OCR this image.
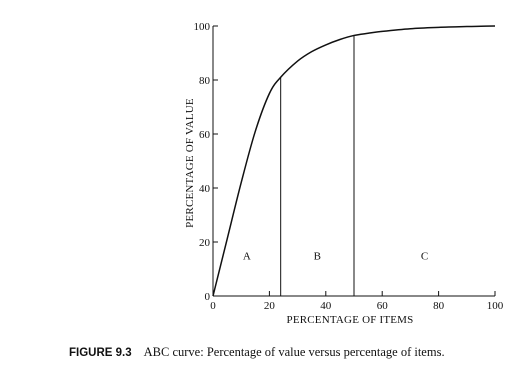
0	20	40	60	80	100
0
20
40
60
80
100
A	B	C
PERCENTAGE OF ITEMS
PERCENTAGE OF VALUE
FIGURE 9.3 ABC curve: Percentage of value versus percentage of items.
